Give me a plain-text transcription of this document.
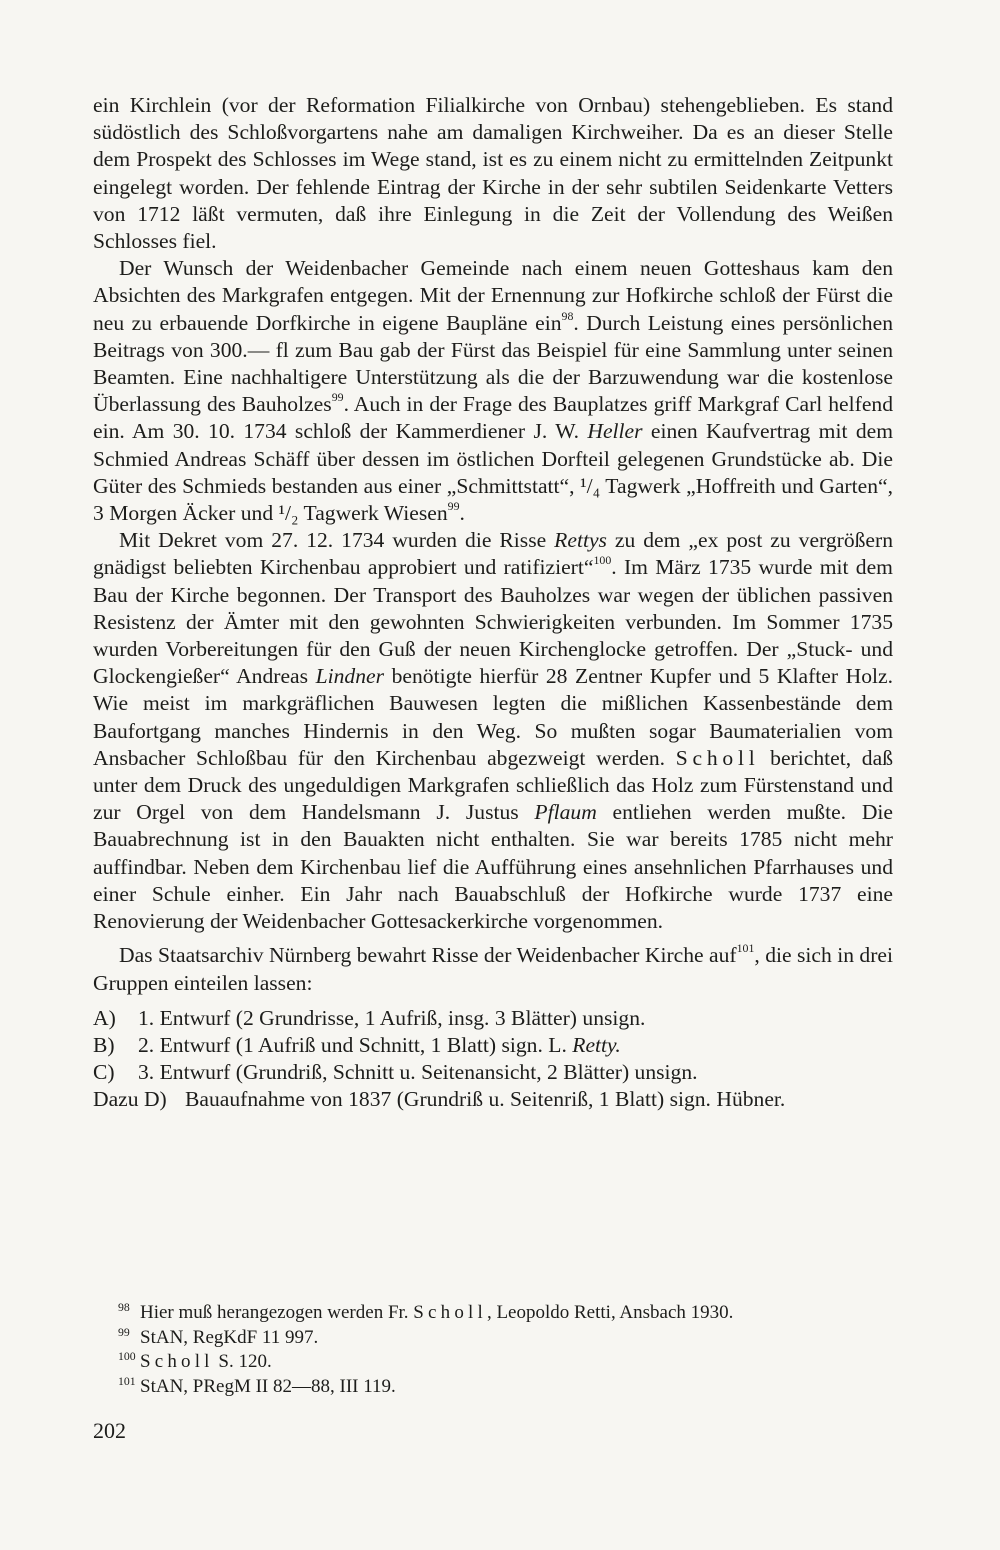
ein Kirchlein (vor der Reformation Filialkirche von Ornbau) stehengeblieben. Es stand südöstlich des Schloßvorgartens nahe am damaligen Kirchweiher. Da es an dieser Stelle dem Prospekt des Schlosses im Wege stand, ist es zu einem nicht zu ermittelnden Zeitpunkt eingelegt worden. Der fehlende Eintrag der Kirche in der sehr subtilen Seidenkarte Vetters von 1712 läßt vermuten, daß ihre Einlegung in die Zeit der Vollendung des Weißen Schlosses fiel.

Der Wunsch der Weidenbacher Gemeinde nach einem neuen Gotteshaus kam den Absichten des Markgrafen entgegen. Mit der Ernennung zur Hofkirche schloß der Fürst die neu zu erbauende Dorfkirche in eigene Baupläne ein$^{98}$. Durch Leistung eines persönlichen Beitrags von 300.— fl zum Bau gab der Fürst das Beispiel für eine Sammlung unter seinen Beamten. Eine nachhaltigere Unterstützung als die der Barzuwendung war die kostenlose Überlassung des Bauholzes$^{99}$. Auch in der Frage des Bauplatzes griff Markgraf Carl helfend ein. Am 30. 10. 1734 schloß der Kammerdiener J. W. Heller einen Kaufvertrag mit dem Schmied Andreas Schäff über dessen im östlichen Dorfteil gelegenen Grundstücke ab. Die Güter des Schmieds bestanden aus einer „Schmittstatt“, ¹/₄ Tagwerk „Hoffreith und Garten“, 3 Morgen Äcker und ¹/₂ Tagwerk Wiesen$^{99}$.

Mit Dekret vom 27. 12. 1734 wurden die Risse Rettys zu dem „ex post zu vergrößern gnädigst beliebten Kirchenbau approbiert und ratifiziert“$^{100}$. Im März 1735 wurde mit dem Bau der Kirche begonnen. Der Transport des Bauholzes war wegen der üblichen passiven Resistenz der Ämter mit den gewohnten Schwierigkeiten verbunden. Im Sommer 1735 wurden Vorbereitungen für den Guß der neuen Kirchenglocke getroffen. Der „Stuck- und Glockengießer“ Andreas Lindner benötigte hierfür 28 Zentner Kupfer und 5 Klafter Holz. Wie meist im markgräflichen Bauwesen legten die mißlichen Kassenbestände dem Baufortgang manches Hindernis in den Weg. So mußten sogar Baumaterialien vom Ansbacher Schloßbau für den Kirchenbau abgezweigt werden. Scholl berichtet, daß unter dem Druck des ungeduldigen Markgrafen schließlich das Holz zum Fürstenstand und zur Orgel von dem Handelsmann J. Justus Pflaum entliehen werden mußte. Die Bauabrechnung ist in den Bauakten nicht enthalten. Sie war bereits 1785 nicht mehr auffindbar. Neben dem Kirchenbau lief die Aufführung eines ansehnlichen Pfarrhauses und einer Schule einher. Ein Jahr nach Bauabschluß der Hofkirche wurde 1737 eine Renovierung der Weidenbacher Gottesackerkirche vorgenommen.

Das Staatsarchiv Nürnberg bewahrt Risse der Weidenbacher Kirche auf$^{101}$, die sich in drei Gruppen einteilen lassen:

A)	1. Entwurf (2 Grundrisse, 1 Aufriß, insg. 3 Blätter) unsign.
B)	2. Entwurf (1 Aufriß und Schnitt, 1 Blatt) sign. L. Retty.
C)	3. Entwurf (Grundriß, Schnitt u. Seitenansicht, 2 Blätter) unsign.
Dazu D) Bauaufnahme von 1837 (Grundriß u. Seitenriß, 1 Blatt) sign. Hübner.
98 Hier muß herangezogen werden Fr. Scholl, Leopoldo Retti, Ansbach 1930.
99 StAN, RegKdF 11 997.
100 Scholl S. 120.
101 StAN, PRegM II 82—88, III 119.
202
